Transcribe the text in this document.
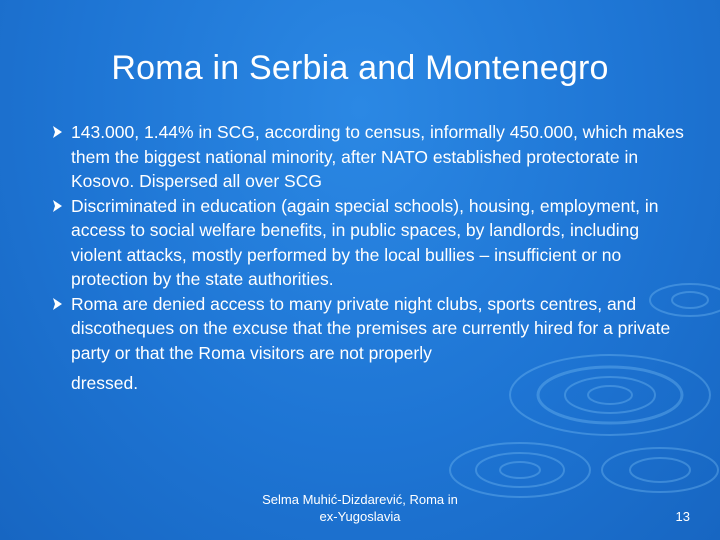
Roma in Serbia and Montenegro
143.000, 1.44% in SCG, according to census, informally 450.000, which makes them the biggest national minority, after NATO established protectorate in Kosovo. Dispersed all over SCG
Discriminated in education (again special schools), housing, employment, in access to social welfare benefits, in public spaces, by landlords, including violent attacks, mostly performed by the local bullies – insufficient or no protection by the state authorities.
Roma are denied access to many private night clubs, sports centres, and discotheques on the excuse that the premises are currently hired for a private party or that the Roma visitors are not properly
dressed.
Selma Muhić-Dizdarević, Roma in
ex-Yugoslavia	13
